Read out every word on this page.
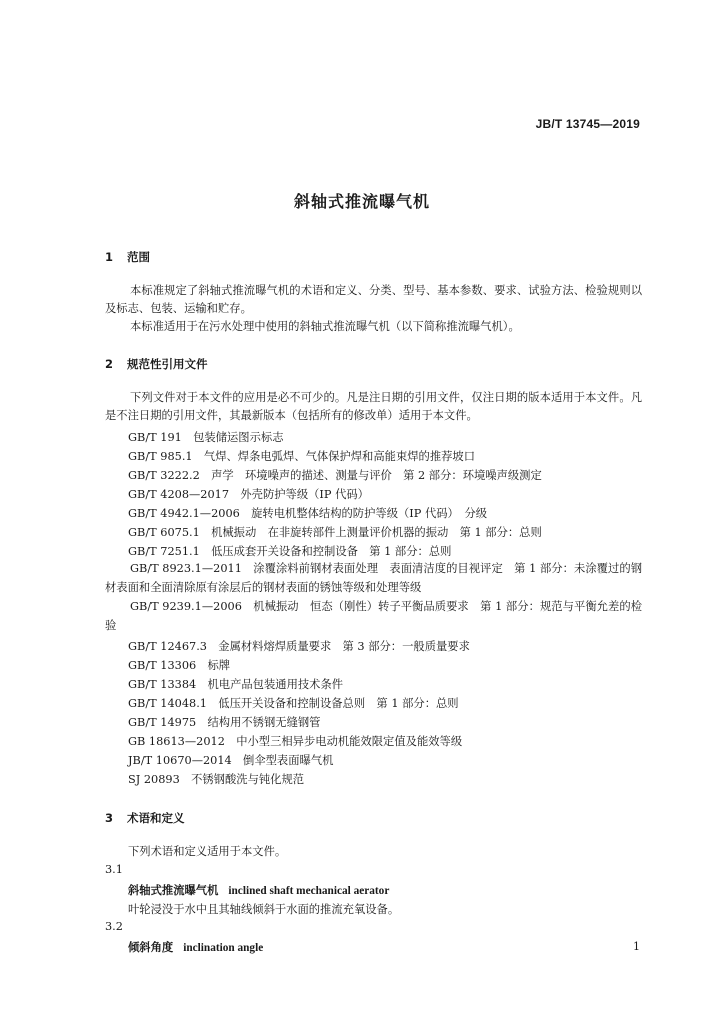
JB/T 13745—2019
斜轴式推流曝气机
1 范围
本标准规定了斜轴式推流曝气机的术语和定义、分类、型号、基本参数、要求、试验方法、检验规则以及标志、包装、运输和贮存。
本标准适用于在污水处理中使用的斜轴式推流曝气机（以下简称推流曝气机）。
2 规范性引用文件
下列文件对于本文件的应用是必不可少的。凡是注日期的引用文件，仅注日期的版本适用于本文件。凡是不注日期的引用文件，其最新版本（包括所有的修改单）适用于本文件。
GB/T 191　包装储运图示标志
GB/T 985.1　气焊、焊条电弧焊、气体保护焊和高能束焊的推荐坡口
GB/T 3222.2　声学　环境噪声的描述、测量与评价　第 2 部分：环境噪声级测定
GB/T 4208—2017　外壳防护等级（IP 代码）
GB/T 4942.1—2006　旋转电机整体结构的防护等级（IP 代码）　分级
GB/T 6075.1　机械振动　在非旋转部件上测量评价机器的振动　第 1 部分：总则
GB/T 7251.1　低压成套开关设备和控制设备　第 1 部分：总则
GB/T 8923.1—2011　涂覆涂料前钢材表面处理　表面清洁度的目视评定　第 1 部分：未涂覆过的钢材表面和全面清除原有涂层后的钢材表面的锈蚀等级和处理等级
GB/T 9239.1—2006　机械振动　恒态（刚性）转子平衡品质要求　第 1 部分：规范与平衡允差的检验
GB/T 12467.3　金属材料熔焊质量要求　第 3 部分：一般质量要求
GB/T 13306　标牌
GB/T 13384　机电产品包装通用技术条件
GB/T 14048.1　低压开关设备和控制设备总则　第 1 部分：总则
GB/T 14975　结构用不锈钢无缝钢管
GB 18613—2012　中小型三相异步电动机能效限定值及能效等级
JB/T 10670—2014　倒伞型表面曝气机
SJ 20893　不锈钢酸洗与钝化规范
3 术语和定义
下列术语和定义适用于本文件。
3.1
斜轴式推流曝气机 inclined shaft mechanical aerator
叶轮浸没于水中且其轴线倾斜于水面的推流充氧设备。
3.2
倾斜角度 inclination angle	1
